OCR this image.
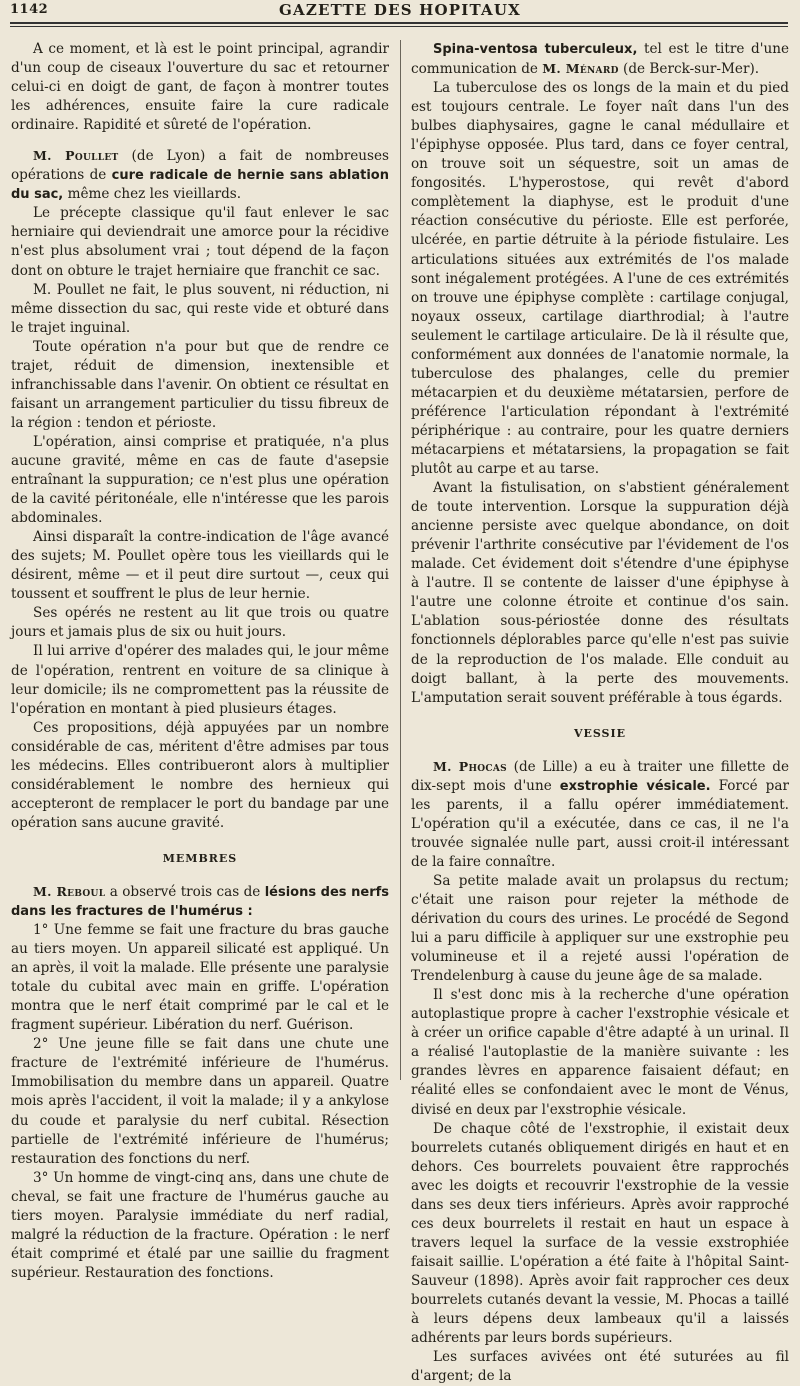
1142	GAZETTE DES HOPITAUX

A ce moment, et là est le point principal, agrandir d'un coup de ciseaux l'ouverture du sac et retourner celui-ci en doigt de gant, de façon à montrer toutes les adhérences, ensuite faire la cure radicale ordinaire. Rapidité et sûreté de l'opération.

M. Poullet (de Lyon) a fait de nombreuses opérations de cure radicale de hernie sans ablation du sac, même chez les vieillards.

Le précepte classique qu'il faut enlever le sac herniaire qui deviendrait une amorce pour la récidive n'est plus absolument vrai ; tout dépend de la façon dont on obture le trajet herniaire que franchit ce sac.

M. Poullet ne fait, le plus souvent, ni réduction, ni même dissection du sac, qui reste vide et obturé dans le trajet inguinal.

Toute opération n'a pour but que de rendre ce trajet, réduit de dimension, inextensible et infranchissable dans l'avenir. On obtient ce résultat en faisant un arrangement particulier du tissu fibreux de la région : tendon et périoste.

L'opération, ainsi comprise et pratiquée, n'a plus aucune gravité, même en cas de faute d'asepsie entraînant la suppuration; ce n'est plus une opération de la cavité péritonéale, elle n'intéresse que les parois abdominales.

Ainsi disparaît la contre-indication de l'âge avancé des sujets; M. Poullet opère tous les vieillards qui le désirent, même — et il peut dire surtout —, ceux qui toussent et souffrent le plus de leur hernie.

Ses opérés ne restent au lit que trois ou quatre jours et jamais plus de six ou huit jours.

Il lui arrive d'opérer des malades qui, le jour même de l'opération, rentrent en voiture de sa clinique à leur domicile; ils ne compromettent pas la réussite de l'opération en montant à pied plusieurs étages.

Ces propositions, déjà appuyées par un nombre considérable de cas, méritent d'être admises par tous les médecins. Elles contribueront alors à multiplier considérablement le nombre des hernieux qui accepteront de remplacer le port du bandage par une opération sans aucune gravité.

MEMBRES

M. Reboul a observé trois cas de lésions des nerfs dans les fractures de l'humérus :

1° Une femme se fait une fracture du bras gauche au tiers moyen. Un appareil silicaté est appliqué. Un an après, il voit la malade. Elle présente une paralysie totale du cubital avec main en griffe. L'opération montra que le nerf était comprimé par le cal et le fragment supérieur. Libération du nerf. Guérison.

2° Une jeune fille se fait dans une chute une fracture de l'extrémité inférieure de l'humérus. Immobilisation du membre dans un appareil. Quatre mois après l'accident, il voit la malade; il y a ankylose du coude et paralysie du nerf cubital. Résection partielle de l'extrémité inférieure de l'humérus; restauration des fonctions du nerf.

3° Un homme de vingt-cinq ans, dans une chute de cheval, se fait une fracture de l'humérus gauche au tiers moyen. Paralysie immédiate du nerf radial, malgré la réduction de la fracture. Opération : le nerf était comprimé et étalé par une saillie du fragment supérieur. Restauration des fonctions.

Spina-ventosa tuberculeux, tel est le titre d'une communication de M. Ménard (de Berck-sur-Mer).

La tuberculose des os longs de la main et du pied est toujours centrale. Le foyer naît dans l'un des bulbes diaphysaires, gagne le canal médullaire et l'épiphyse opposée. Plus tard, dans ce foyer central, on trouve soit un séquestre, soit un amas de fongosités. L'hyperostose, qui revêt d'abord complètement la diaphyse, est le produit d'une réaction consécutive du périoste. Elle est perforée, ulcérée, en partie détruite à la période fistulaire. Les articulations situées aux extrémités de l'os malade sont inégalement protégées. A l'une de ces extrémités on trouve une épiphyse complète : cartilage conjugal, noyaux osseux, cartilage diarthrodial; à l'autre seulement le cartilage articulaire. De là il résulte que, conformément aux données de l'anatomie normale, la tuberculose des phalanges, celle du premier métacarpien et du deuxième métatarsien, perfore de préférence l'articulation répondant à l'extrémité périphérique : au contraire, pour les quatre derniers métacarpiens et métatarsiens, la propagation se fait plutôt au carpe et au tarse.

Avant la fistulisation, on s'abstient généralement de toute intervention. Lorsque la suppuration déjà ancienne persiste avec quelque abondance, on doit prévenir l'arthrite consécutive par l'évidement de l'os malade. Cet évidement doit s'étendre d'une épiphyse à l'autre. Il se contente de laisser d'une épiphyse à l'autre une colonne étroite et continue d'os sain. L'ablation sous-périostée donne des résultats fonctionnels déplorables parce qu'elle n'est pas suivie de la reproduction de l'os malade. Elle conduit au doigt ballant, à la perte des mouvements. L'amputation serait souvent préférable à tous égards.

VESSIE

M. Phocas (de Lille) a eu à traiter une fillette de dix-sept mois d'une exstrophie vésicale. Forcé par les parents, il a fallu opérer immédiatement. L'opération qu'il a exécutée, dans ce cas, il ne l'a trouvée signalée nulle part, aussi croit-il intéressant de la faire connaître.

Sa petite malade avait un prolapsus du rectum; c'était une raison pour rejeter la méthode de dérivation du cours des urines. Le procédé de Segond lui a paru difficile à appliquer sur une exstrophie peu volumineuse et il a rejeté aussi l'opération de Trendelenburg à cause du jeune âge de sa malade.

Il s'est donc mis à la recherche d'une opération autoplastique propre à cacher l'exstrophie vésicale et à créer un orifice capable d'être adapté à un urinal. Il a réalisé l'autoplastie de la manière suivante : les grandes lèvres en apparence faisaient défaut; en réalité elles se confondaient avec le mont de Vénus, divisé en deux par l'exstrophie vésicale.

De chaque côté de l'exstrophie, il existait deux bourrelets cutanés obliquement dirigés en haut et en dehors. Ces bourrelets pouvaient être rapprochés avec les doigts et recouvrir l'exstrophie de la vessie dans ses deux tiers inférieurs. Après avoir rapproché ces deux bourrelets il restait en haut un espace à travers lequel la surface de la vessie exstrophiée faisait saillie. L'opération a été faite à l'hôpital Saint-Sauveur (1898). Après avoir fait rapprocher ces deux bourrelets cutanés devant la vessie, M. Phocas a taillé à leurs dépens deux lambeaux qu'il a laissés adhérents par leurs bords supérieurs.

Les surfaces avivées ont été suturées au fil d'argent; de la
